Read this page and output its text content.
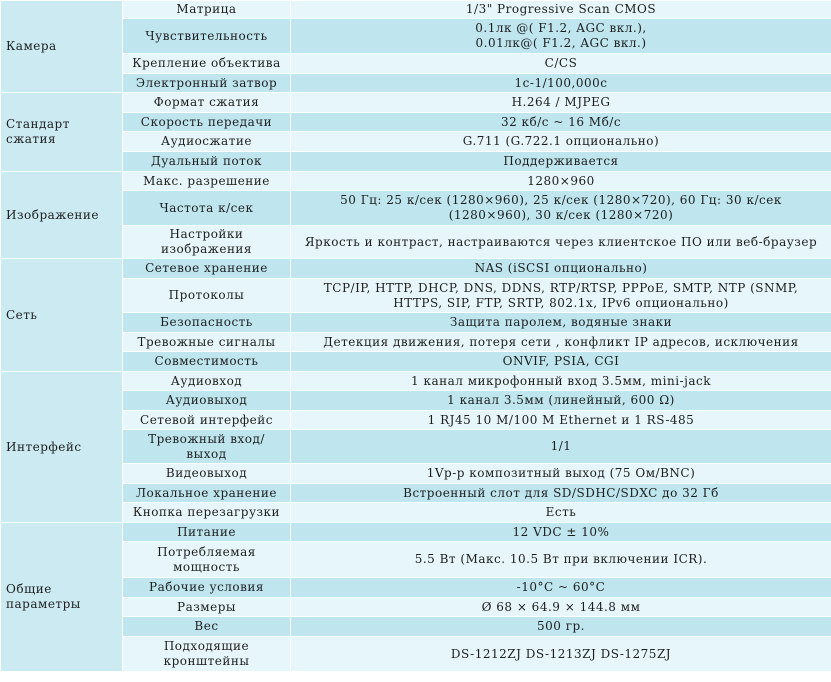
Камера	Матрица	1/3" Progressive Scan CMOS
	Чувствительность	0.1лк @( F1.2, AGC вкл.),
0.01лк@( F1.2, AGC вкл.)
	Крепление объектива	C/CS
	Электронный затвор	1с-1/100,000с
Стандарт сжатия	Формат сжатия	H.264 / MJPEG
	Скорость передачи	32 кб/с ~ 16 Мб/с
	Аудиосжатие	G.711 (G.722.1 опционально)
	Дуальный поток	Поддерживается
Изображение	Макс. разрешение	1280×960
	Частота к/сек	50 Гц: 25 к/сек (1280×960), 25 к/сек (1280×720), 60 Гц: 30 к/сек (1280×960), 30 к/сек (1280×720)
	Настройки изображения	Яркость и контраст, настраиваются через клиентское ПО или веб-браузер
Сеть	Сетевое хранение	NAS (iSCSI опционально)
	Протоколы	TCP/IP, HTTP, DHCP, DNS, DDNS, RTP/RTSP, PPPoE, SMTP, NTP (SNMP, HTTPS, SIP, FTP, SRTP, 802.1x, IPv6 опционально)
	Безопасность	Защита паролем, водяные знаки
	Тревожные сигналы	Детекция движения, потеря сети , конфликт IP адресов, исключения
	Совместимость	ONVIF, PSIA, CGI
Интерфейс	Аудиовход	1 канал микрофонный вход 3.5мм, mini-jack
	Аудиовыход	1 канал 3.5мм (линейный, 600 Ω)
	Сетевой интерфейс	1 RJ45 10 M/100 M Ethernet и 1 RS-485
	Тревожный вход/ выход	1/1
	Видеовыход	1Vp-p композитный выход (75 Ом/BNC)
	Локальное хранение	Встроенный слот для SD/SDHC/SDXC до 32 Гб
	Кнопка перезагрузки	Есть
Общие параметры	Питание	12 VDC ± 10%
	Потребляемая мощность	5.5 Вт (Макс. 10.5 Вт при включении ICR).
	Рабочие условия	-10°C ~ 60°C
	Размеры	Ø 68 × 64.9 × 144.8 мм
	Вес	500 гр.
	Подходящие кронштейны	DS-1212ZJ DS-1213ZJ DS-1275ZJ
